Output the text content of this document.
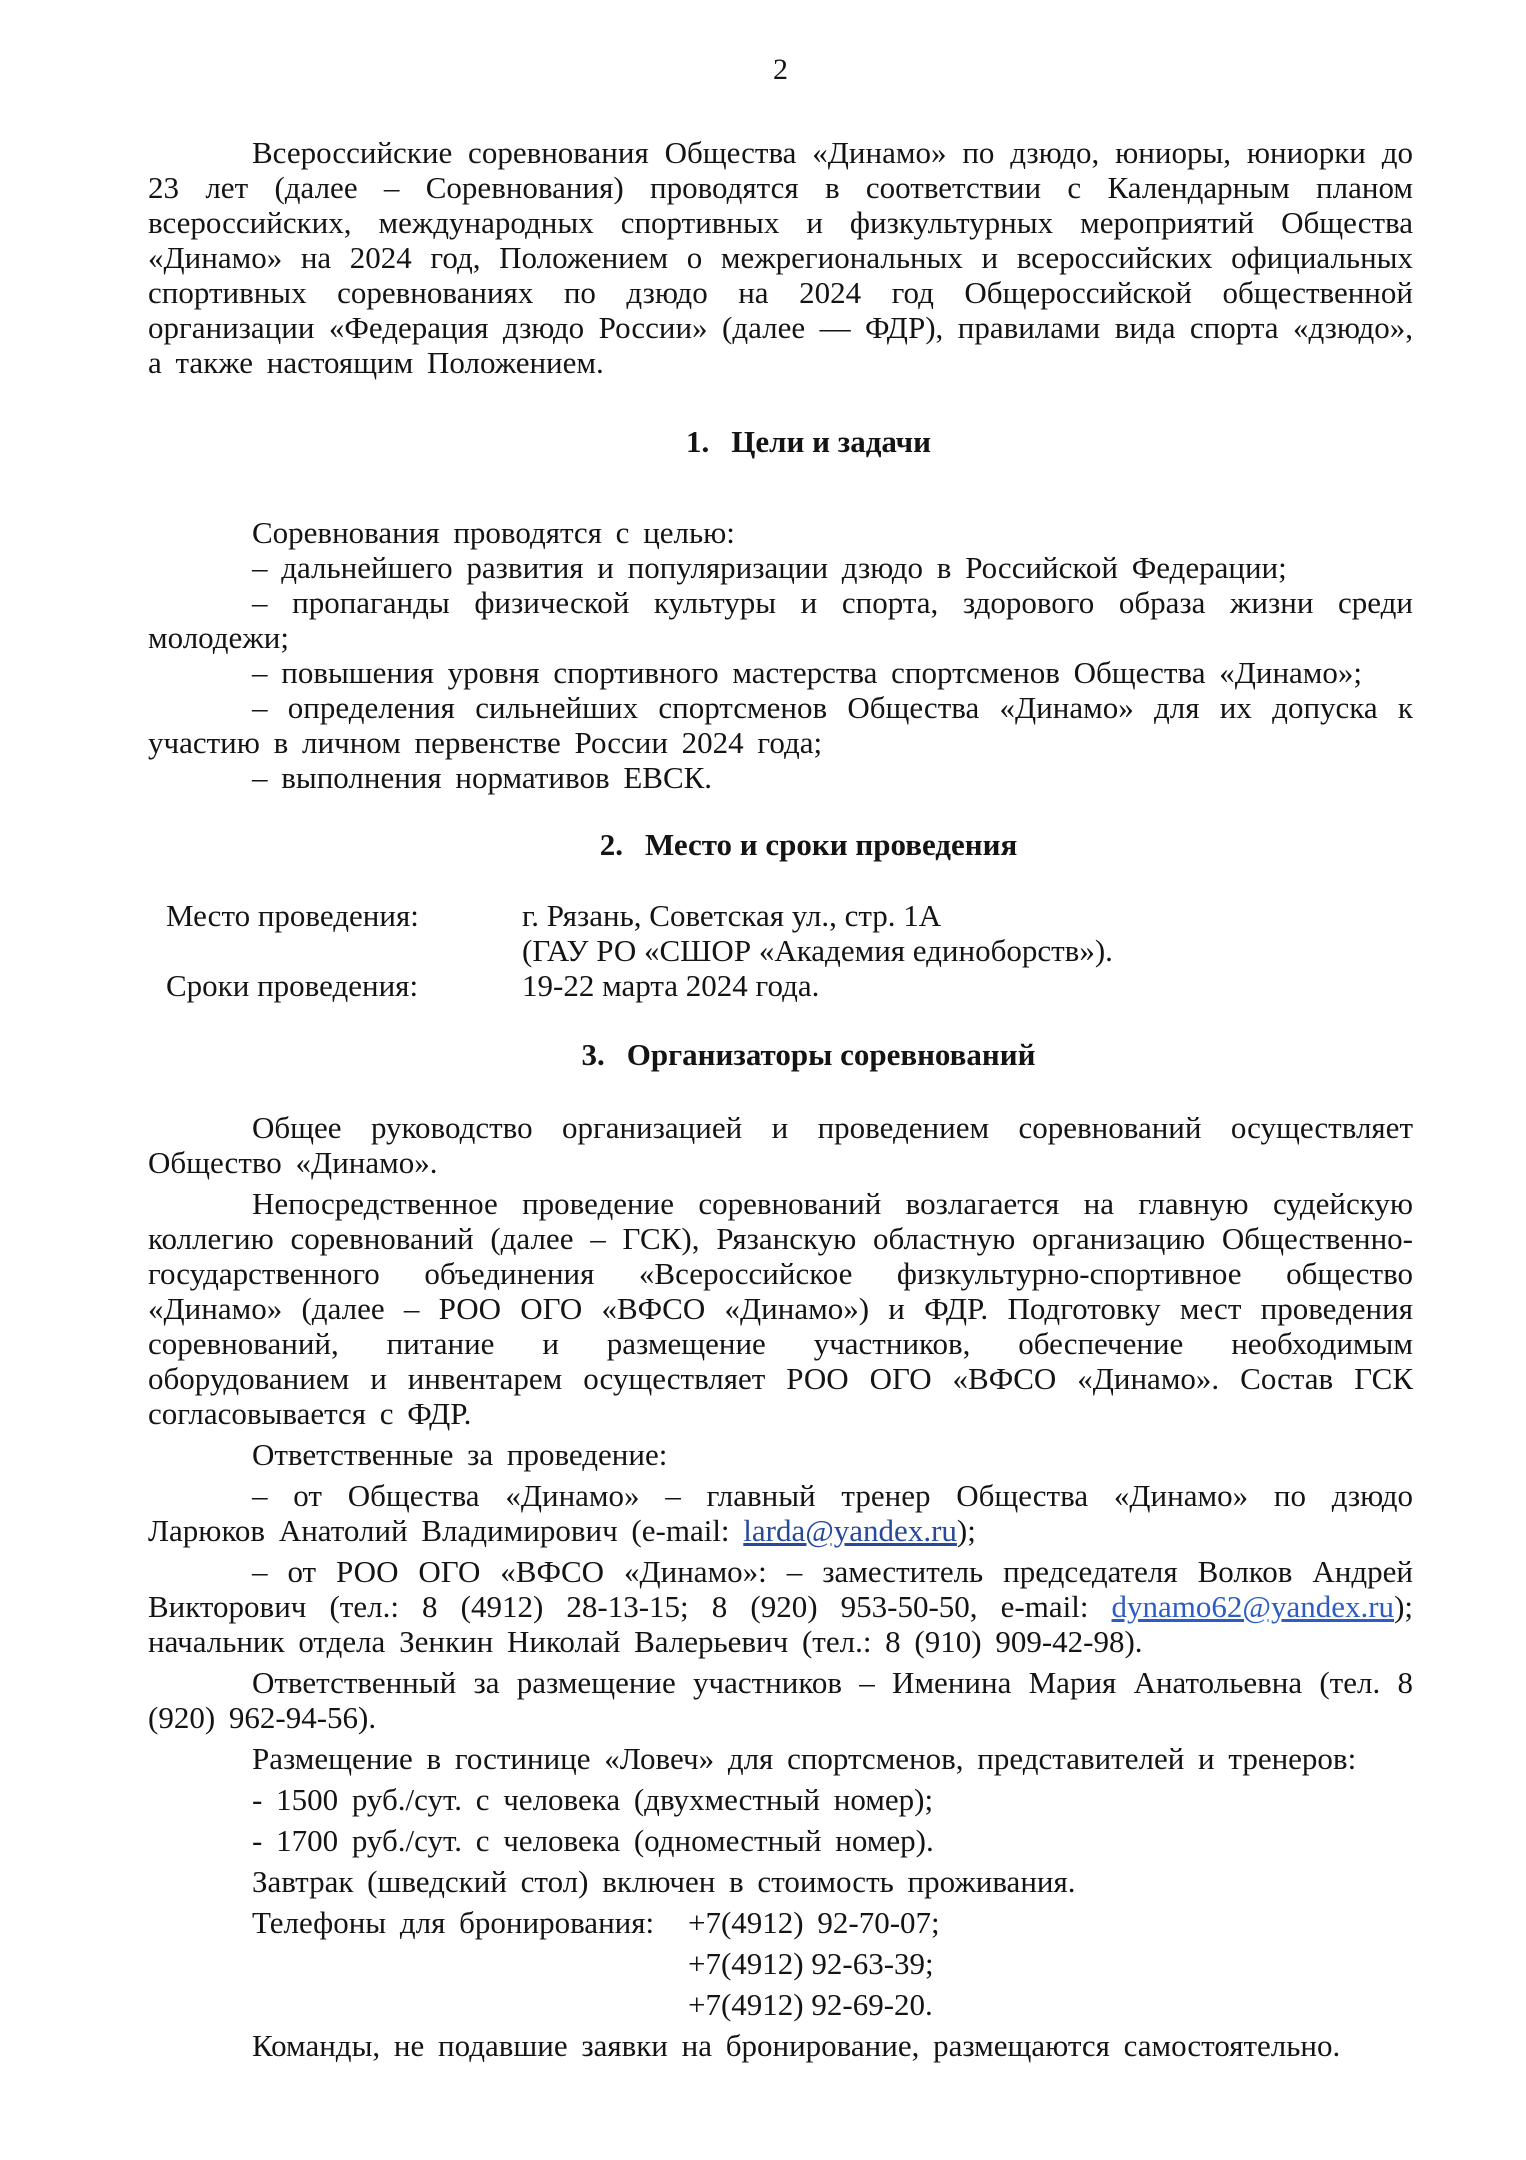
2

Всероссийские соревнования Общества «Динамо» по дзюдо, юниоры, юниорки до 23 лет (далее – Соревнования) проводятся в соответствии с Календарным планом всероссийских, международных спортивных и физкультурных мероприятий Общества «Динамо» на 2024 год, Положением о межрегиональных и всероссийских официальных спортивных соревнованиях по дзюдо на 2024 год Общероссийской общественной организации «Федерация дзюдо России» (далее — ФДР), правилами вида спорта «дзюдо», а также настоящим Положением.

1. Цели и задачи

Соревнования проводятся с целью:

– дальнейшего развития и популяризации дзюдо в Российской Федерации;

– пропаганды физической культуры и спорта, здорового образа жизни среди молодежи;

– повышения уровня спортивного мастерства спортсменов Общества «Динамо»;

– определения сильнейших спортсменов Общества «Динамо» для их допуска к участию в личном первенстве России 2024 года;

– выполнения нормативов ЕВСК.

2. Место и сроки проведения
Место проведения:	г. Рязань, Советская ул., стр. 1А
(ГАУ РО «СШОР «Академия единоборств»).
Сроки проведения:	19-22 марта 2024 года.
3. Организаторы соревнований

Общее руководство организацией и проведением соревнований осуществляет Общество «Динамо».

Непосредственное проведение соревнований возлагается на главную судейскую коллегию соревнований (далее – ГСК), Рязанскую областную организацию Общественно-государственного объединения «Всероссийское физкультурно-спортивное общество «Динамо» (далее – РОО ОГО «ВФСО «Динамо») и ФДР. Подготовку мест проведения соревнований, питание и размещение участников, обеспечение необходимым оборудованием и инвентарем осуществляет РОО ОГО «ВФСО «Динамо». Состав ГСК согласовывается с ФДР.

Ответственные за проведение:

– от Общества «Динамо» – главный тренер Общества «Динамо» по дзюдо Ларюков Анатолий Владимирович (e-mail: larda@yandex.ru);

– от РОО ОГО «ВФСО «Динамо»: – заместитель председателя Волков Андрей Викторович (тел.: 8 (4912) 28-13-15; 8 (920) 953-50-50, e-mail: dynamo62@yandex.ru); начальник отдела Зенкин Николай Валерьевич (тел.: 8 (910) 909-42-98).

Ответственный за размещение участников – Именина Мария Анатольевна (тел. 8 (920) 962-94-56).

Размещение в гостинице «Ловеч» для спортсменов, представителей и тренеров:

- 1500 руб./сут. с человека (двухместный номер);

- 1700 руб./сут. с человека (одноместный номер).

Завтрак (шведский стол) включен в стоимость проживания.

Телефоны для бронирования:+7(4912) 92-70-07;

+7(4912) 92-63-39;
+7(4912) 92-69-20.

Команды, не подавшие заявки на бронирование, размещаются самостоятельно.
